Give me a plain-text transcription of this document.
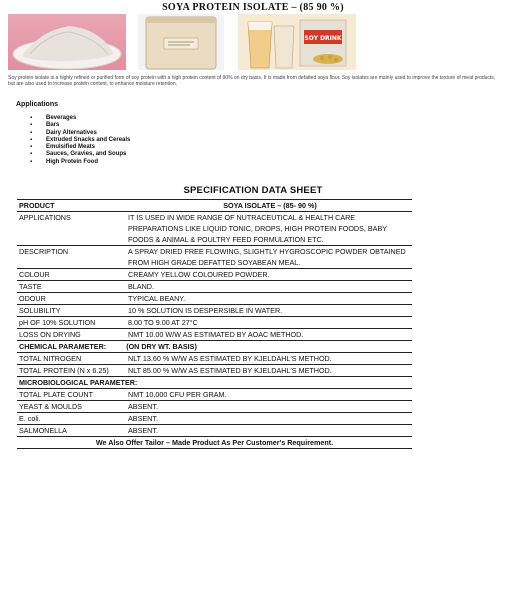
SOYA PROTEIN ISOLATE – (85 90 %)
SOY DRINK
Soy protein isolate is a highly refined or purified form of soy protein with a high protein content of 90% on dry basis. It is made from defatted soya flour. Soy isolates are mainly used to improve the texture of meat products, but are also used to increase protein content, to enhance moisture retention.
Applications
▪ Beverages
▪ Bars
▪ Dairy Alternatives
▪ Extruded Snacks and Cereals
▪ Emulsified Meats
▪ Sauces, Gravies, and Soups
▪ High Protein Food
SPECIFICATION DATA SHEET
PRODUCT	SOYA ISOLATE – (85- 90 %)
APPLICATIONS	IT IS USED IN WIDE RANGE OF NUTRACEUTICAL & HEALTH CARE PREPARATIONS LIKE LIQUID TONIC, DROPS, HIGH PROTEIN FOODS, BABY FOODS & ANIMAL & POULTRY FEED FORMULATION ETC.
DESCRIPTION	A SPRAY DRIED FREE FLOWING, SLIGHTLY HYGROSCOPIC POWDER OBTAINED FROM HIGH GRADE DEFATTED SOYABEAN MEAL.
COLOUR	CREAMY YELLOW COLOURED POWDER.
TASTE	BLAND.
ODOUR	TYPICAL BEANY.
SOLUBILITY	10 % SOLUTION IS DESPERSIBLE IN WATER.
pH OF 10% SOLUTION	8.00 TO 9.00 AT 27°C
LOSS ON DRYING	NMT 10.00 W/W AS ESTIMATED BY AOAC METHOD.
CHEMICAL PARAMETER:	(ON DRY WT. BASIS)
TOTAL NITROGEN	NLT 13.60 % W/W AS ESTIMATED BY KJELDAHL'S METHOD.
TOTAL PROTEIN (N x 6.25)	NLT 85.00 % W/W AS ESTIMATED BY KJELDAHL'S METHOD.
MICROBIOLOGICAL PARAMETER:
TOTAL PLATE COUNT	NMT 10,000 CFU PER GRAM.
YEAST & MOULDS	ABSENT.
E. coli.	ABSENT.
SALMONELLA	ABSENT.
We Also Offer Tailor – Made Product As Per Customer's Requirement.
